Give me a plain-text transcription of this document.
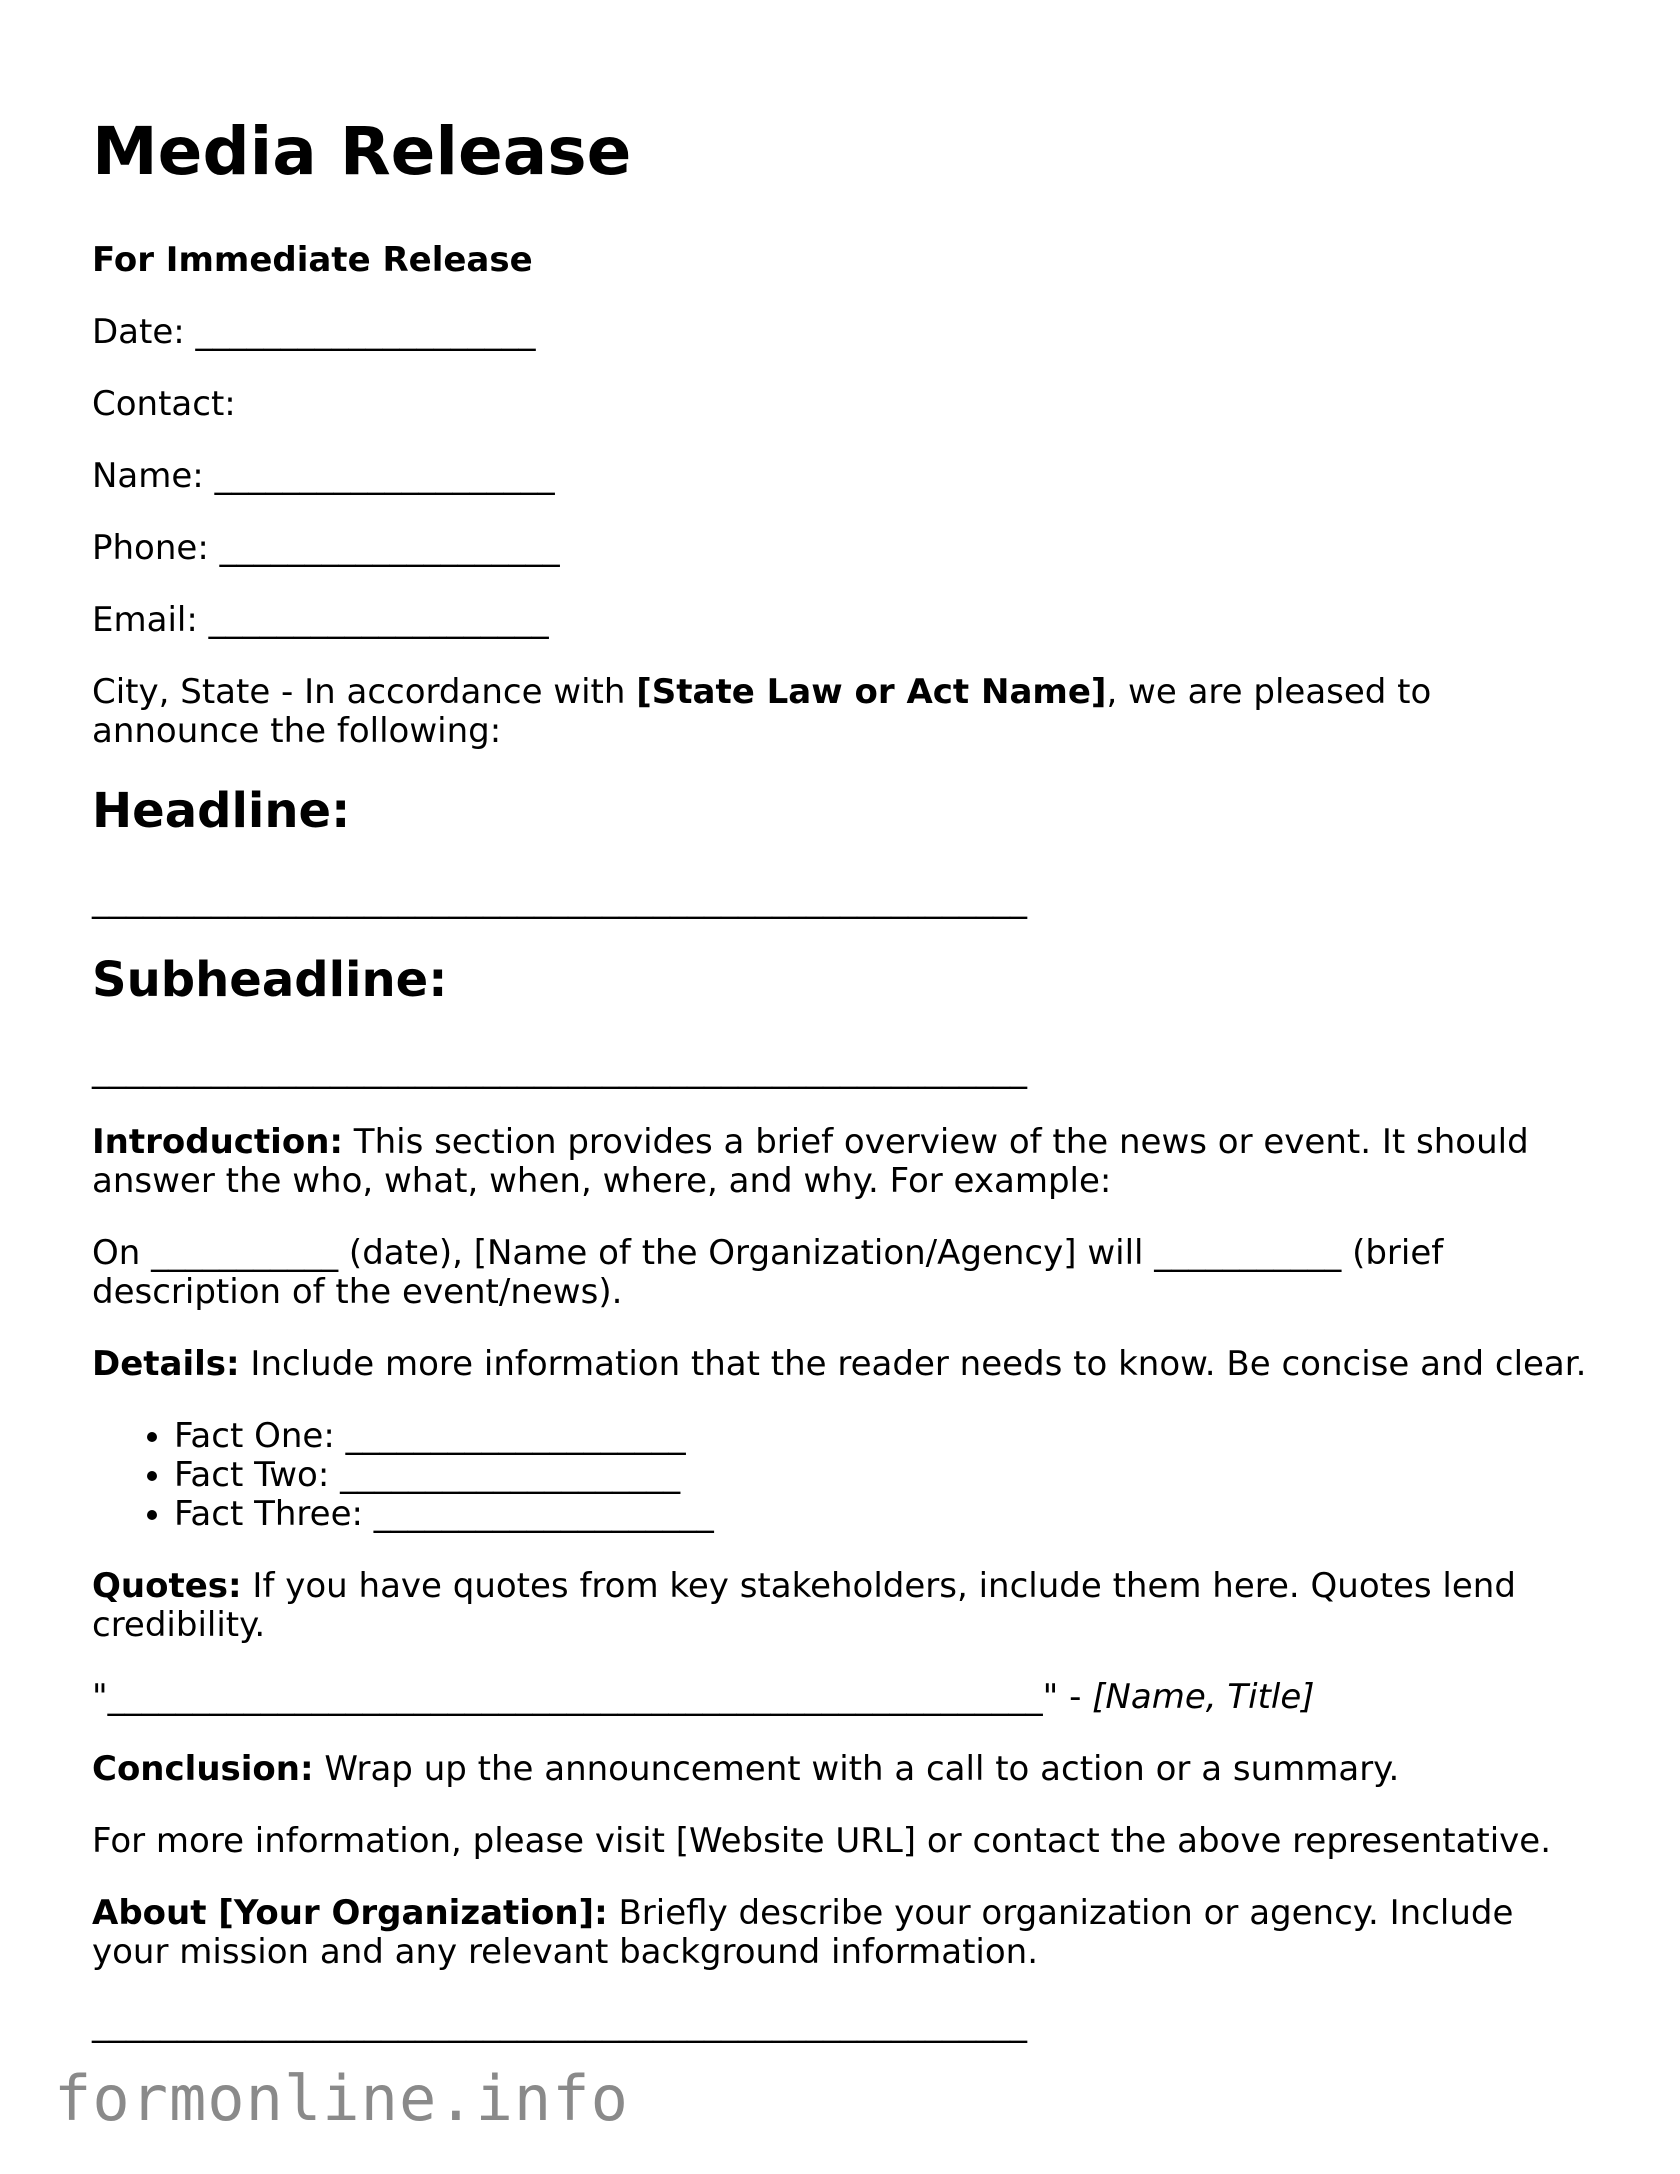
Media Release

For Immediate Release

Date: ____________________

Contact:

Name: ____________________

Phone: ____________________

Email: ____________________

City, State - In accordance with [State Law or Act Name], we are pleased to announce the following:

Headline:
_______________________________________________________
Subheadline:
_______________________________________________________

Introduction: This section provides a brief overview of the news or event. It should answer the who, what, when, where, and why. For example:

On ___________ (date), [Name of the Organization/Agency] will ___________ (brief description of the event/news).

Details: Include more information that the reader needs to know. Be concise and clear.

• Fact One: ____________________
• Fact Two: ____________________
• Fact Three: ____________________

Quotes: If you have quotes from key stakeholders, include them here. Quotes lend credibility.

"_______________________________________________________" - [Name, Title]

Conclusion: Wrap up the announcement with a call to action or a summary.

For more information, please visit [Website URL] or contact the above representative.

About [Your Organization]: Briefly describe your organization or agency. Include your mission and any relevant background information.

_______________________________________________________
formonline.info
